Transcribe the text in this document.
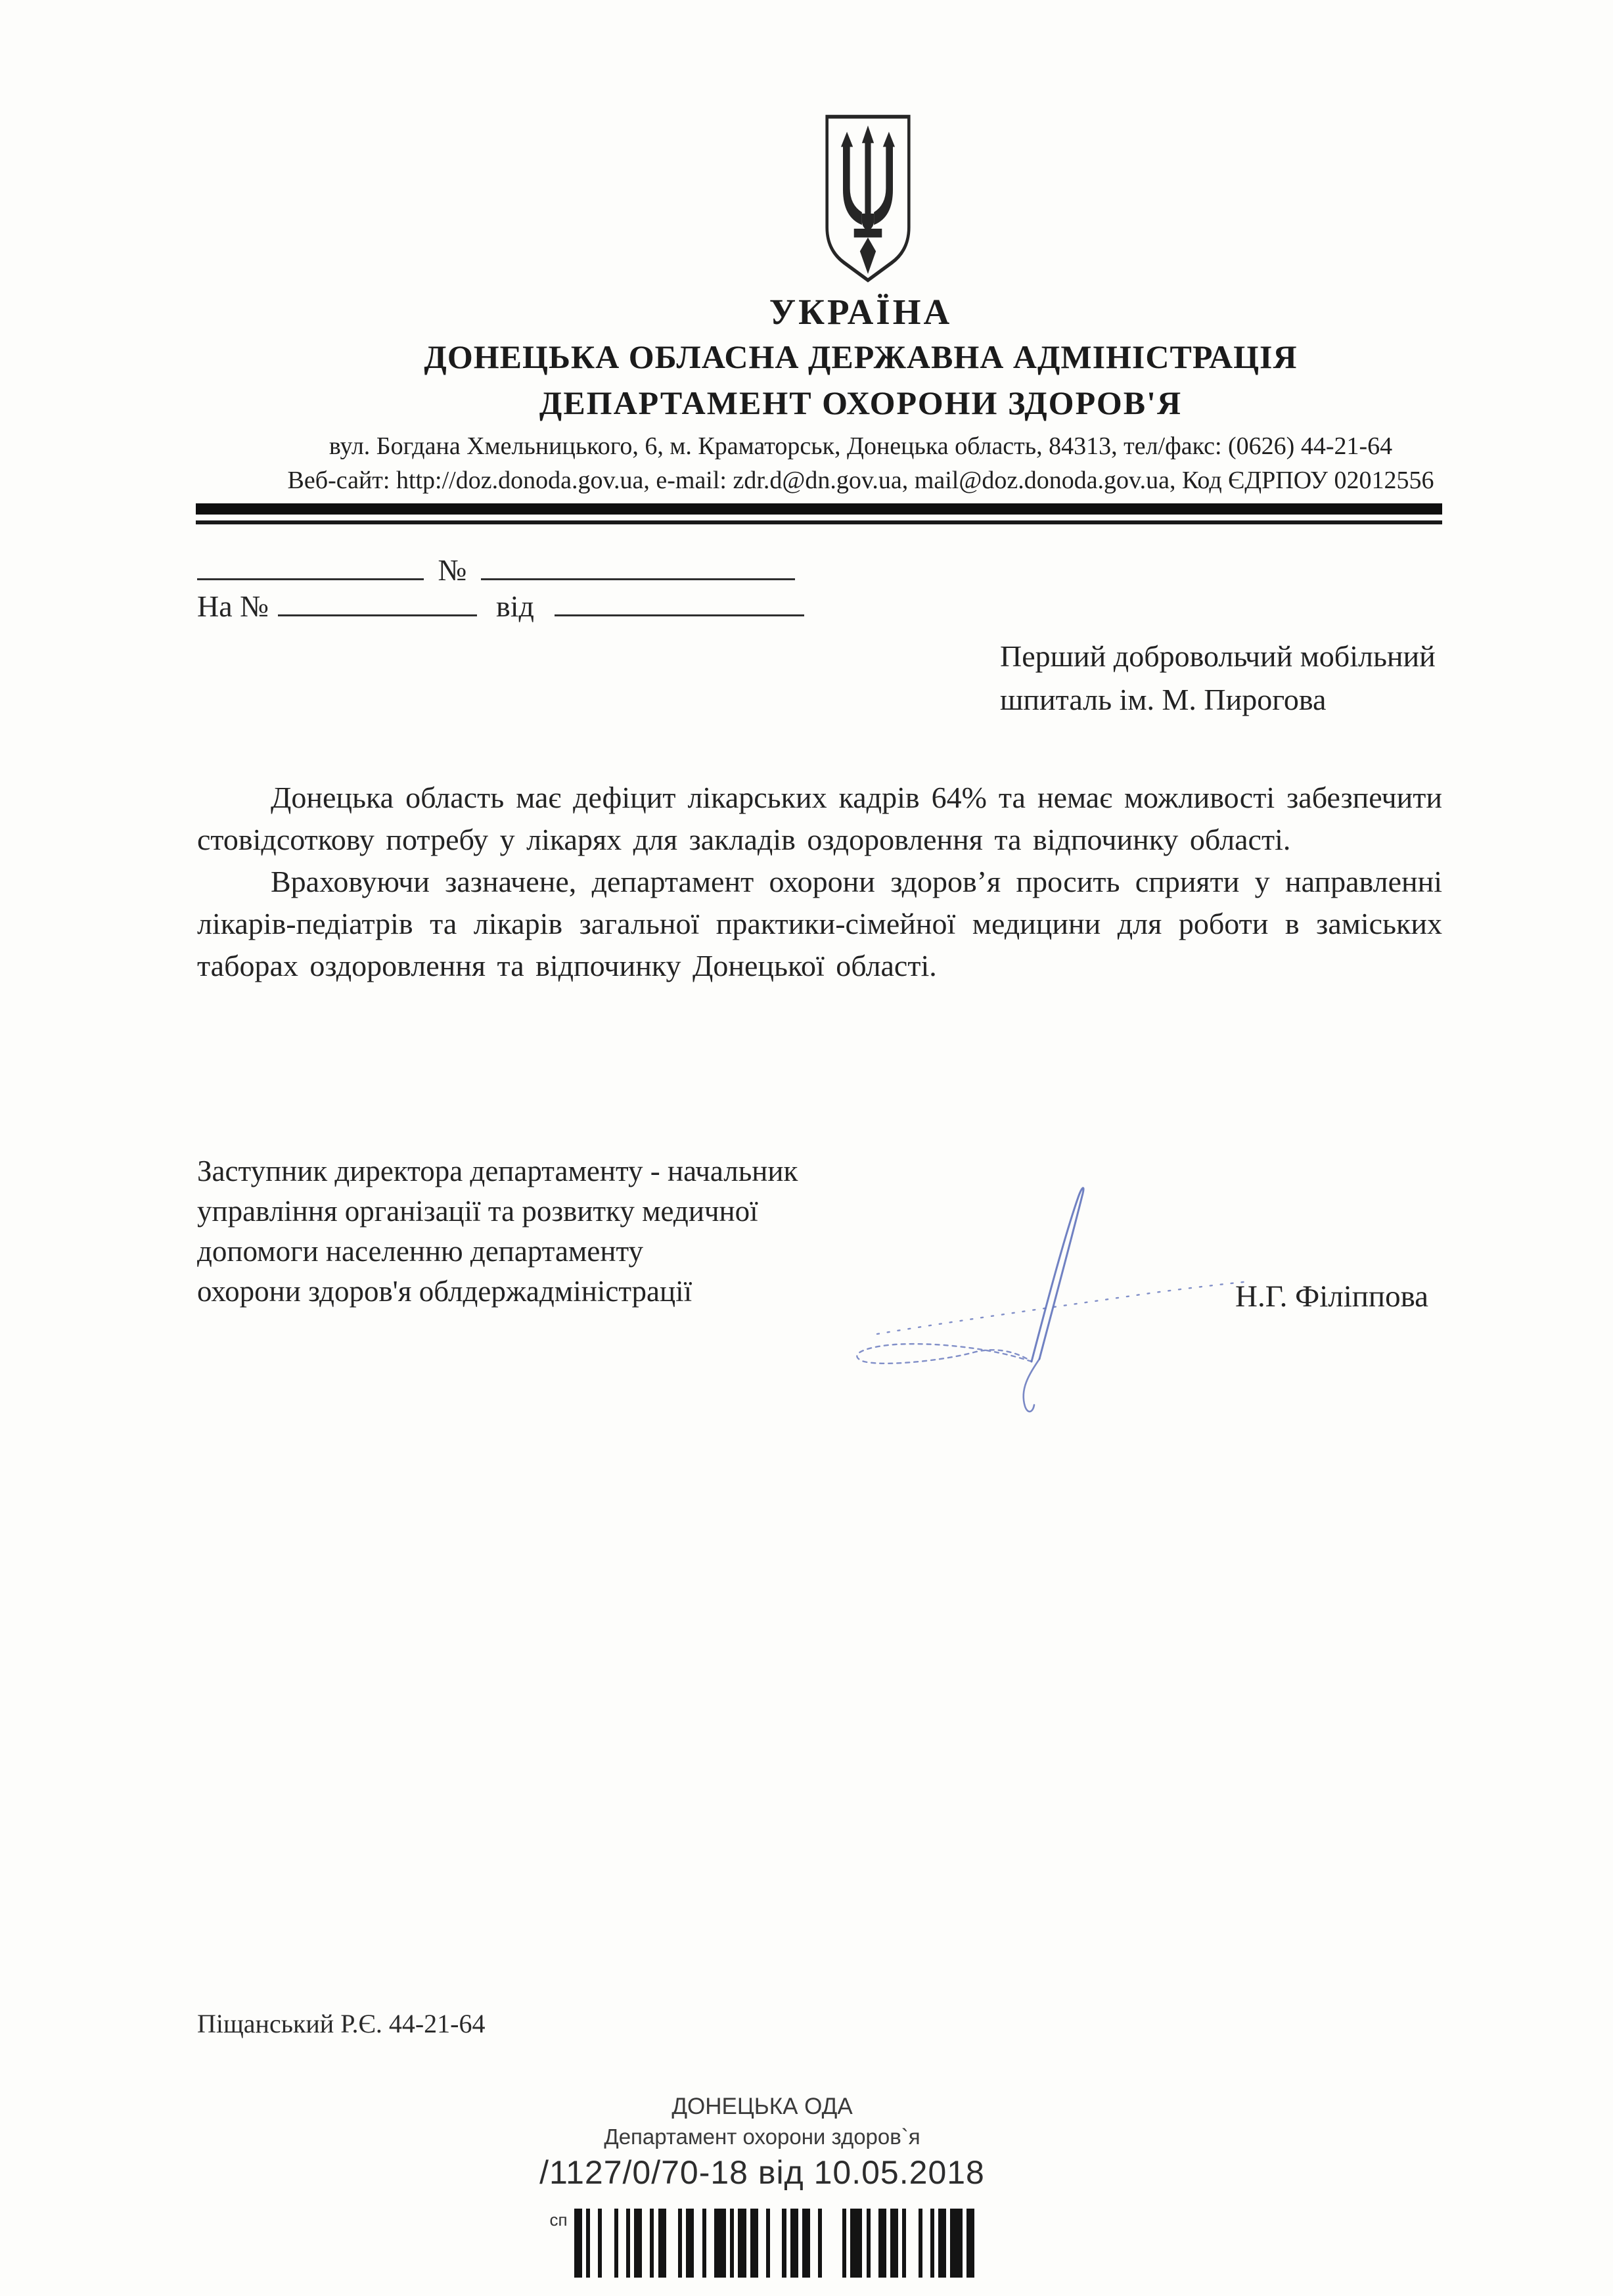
УКРАЇНА
ДОНЕЦЬКА ОБЛАСНА ДЕРЖАВНА АДМІНІСТРАЦІЯ
ДЕПАРТАМЕНТ ОХОРОНИ ЗДОРОВ'Я
вул. Богдана Хмельницького, 6, м. Краматорськ, Донецька область, 84313, тел/факс: (0626) 44-21-64
Веб-сайт: http://doz.donoda.gov.ua, e-mail: zdr.d@dn.gov.ua, mail@doz.donoda.gov.ua, Код ЄДРПОУ 02012556
№
На №	від
Перший добровольчий мобільний
шпиталь ім. М. Пирогова

Донецька область має дефіцит лікарських кадрів 64% та немає можливості забезпечити стовідсоткову потребу у лікарях для закладів оздоровлення та відпочинку області.

Враховуючи зазначене, департамент охорони здоров’я просить сприяти у направленні лікарів-педіатрів та лікарів загальної практики-сімейної медицини для роботи в заміських таборах оздоровлення та відпочинку Донецької області.

Заступник директора департаменту - начальник
управління організації та розвитку медичної
допомоги населенню департаменту
охорони здоров'я облдержадміністрації	Н.Г. Філіппова
Піщанський Р.Є. 44-21-64
ДОНЕЦЬКА ОДА
Департамент охорони здоров`я
/1127/0/70-18 від 10.05.2018
сп
